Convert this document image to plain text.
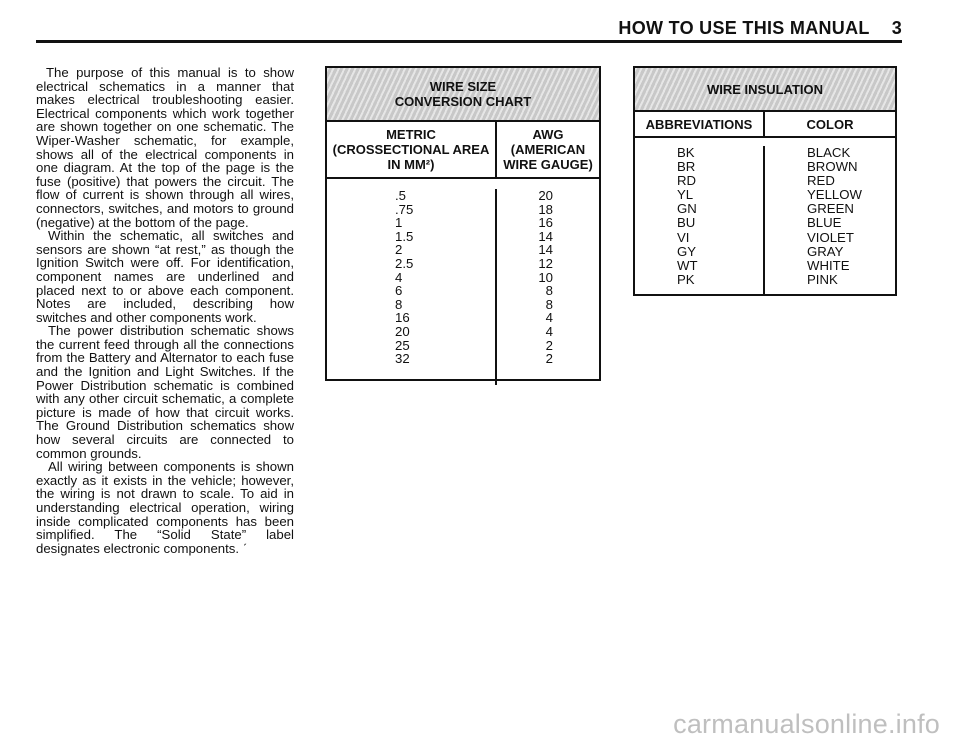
HOW TO USE THIS MANUAL 3

The purpose of this manual is to show electrical schematics in a manner that makes electrical troubleshooting easier. Electrical components which work together are shown together on one schematic. The Wiper-Washer schematic, for example, shows all of the electrical components in one diagram. At the top of the page is the fuse (positive) that powers the circuit. The flow of current is shown through all wires, connectors, switches, and motors to ground (negative) at the bottom of the page.

Within the schematic, all switches and sensors are shown “at rest,” as though the Ignition Switch were off. For identification, component names are underlined and placed next to or above each component. Notes are included, describing how switches and other components work.

The power distribution schematic shows the current feed through all the connections from the Battery and Alternator to each fuse and the Ignition and Light Switches. If the Power Distribution schematic is combined with any other circuit schematic, a complete picture is made of how that circuit works. The Ground Distribution schematics show how several circuits are connected to common grounds.

All wiring between components is shown exactly as it exists in the vehicle; however, the wiring is not drawn to scale. To aid in understanding electrical operation, wiring inside complicated components has been simplified. The “Solid State” label designates electronic components. ˊ

WIRE SIZE
CONVERSION CHART
METRIC
(CROSSECTIONAL AREA
IN MM²)
AWG
(AMERICAN
WIRE GAUGE)
.5
.75
1
1.5
2
2.5
4
6
8
16
20
25
32
20
18
16
14
14
12
10
8
8
4
4
2
2
WIRE INSULATION
ABBREVIATIONS	COLOR
BK
BR
RD
YL
GN
BU
VI
GY
WT
PK
BLACK
BROWN
RED
YELLOW
GREEN
BLUE
VIOLET
GRAY
WHITE
PINK
carmanualsonline.info
